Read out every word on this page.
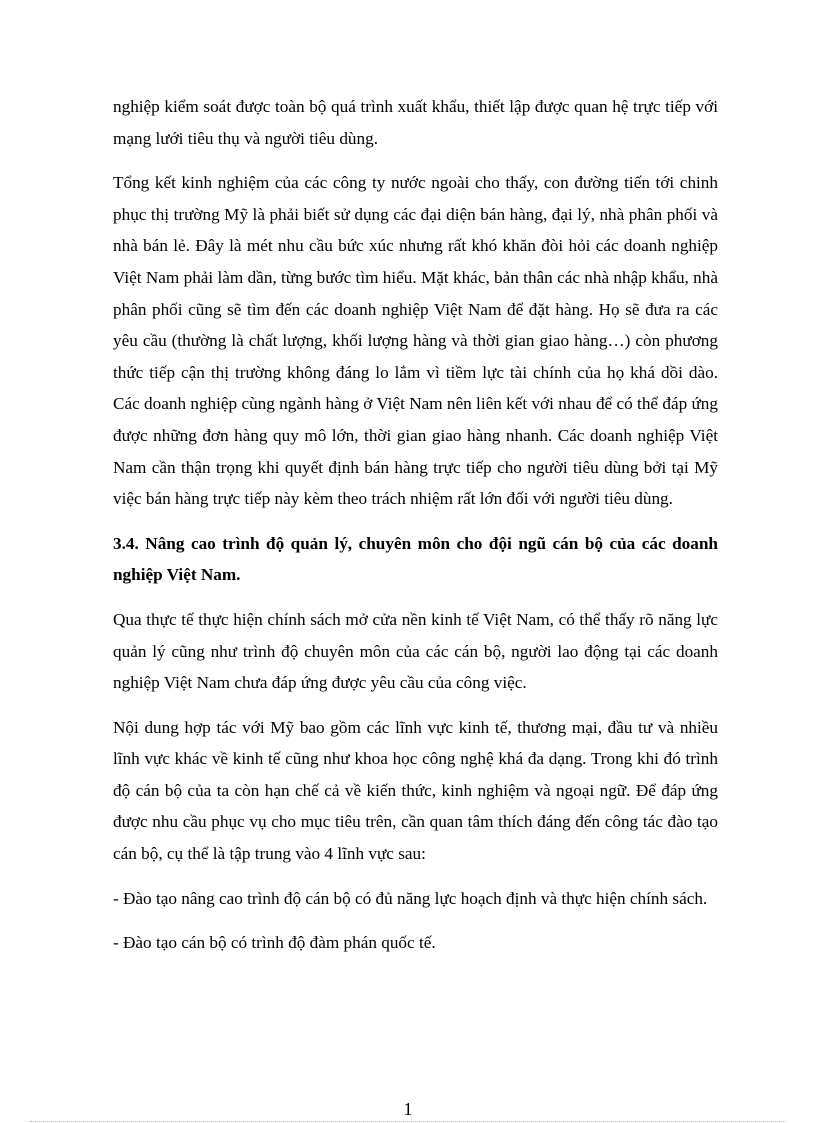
nghiệp kiểm soát được toàn bộ quá trình xuất khẩu, thiết lập được quan hệ trực tiếp với mạng lưới tiêu thụ và người tiêu dùng.

Tổng kết kinh nghiệm của các công ty nước ngoài cho thấy, con đường tiến tới chinh phục thị trường Mỹ là phải biết sử dụng các đại diện bán hàng, đại lý, nhà phân phối và nhà bán lẻ. Đây là mét nhu cầu bức xúc nhưng rất khó khăn đòi hỏi các doanh nghiệp Việt Nam phải làm dần, từng bước tìm hiểu. Mặt khác, bản thân các nhà nhập khẩu, nhà phân phối cũng sẽ tìm đến các doanh nghiệp Việt Nam để đặt hàng. Họ sẽ đưa ra các yêu cầu (thường là chất lượng, khối lượng hàng và thời gian giao hàng…) còn phương thức tiếp cận thị trường không đáng lo lắm vì tiềm lực tài chính của họ khá dồi dào. Các doanh nghiệp cùng ngành hàng ở Việt Nam nên liên kết với nhau để có thể đáp ứng được những đơn hàng quy mô lớn, thời gian giao hàng nhanh. Các doanh nghiệp Việt Nam cần thận trọng khi quyết định bán hàng trực tiếp cho người tiêu dùng bởi tại Mỹ việc bán hàng trực tiếp này kèm theo trách nhiệm rất lớn đối với người tiêu dùng.

3.4. Nâng cao trình độ quản lý, chuyên môn cho đội ngũ cán bộ của các doanh nghiệp Việt Nam.

Qua thực tế thực hiện chính sách mở cửa nền kinh tế Việt Nam, có thể thấy rõ năng lực quản lý cũng như trình độ chuyên môn của các cán bộ, người lao động tại các doanh nghiệp Việt Nam chưa đáp ứng được yêu cầu của công việc.

Nội dung hợp tác với Mỹ bao gồm các lĩnh vực kinh tế, thương mại, đầu tư và nhiều lĩnh vực khác về kinh tế cũng như khoa học công nghệ khá đa dạng. Trong khi đó trình độ cán bộ của ta còn hạn chế cả về kiến thức, kinh nghiệm và ngoại ngữ. Để đáp ứng được nhu cầu phục vụ cho mục tiêu trên, cần quan tâm thích đáng đến công tác đào tạo cán bộ, cụ thể là tập trung vào 4 lĩnh vực sau:

- Đào tạo nâng cao trình độ cán bộ có đủ năng lực hoạch định và thực hiện chính sách.

- Đào tạo cán bộ có trình độ đàm phán quốc tế.

1
